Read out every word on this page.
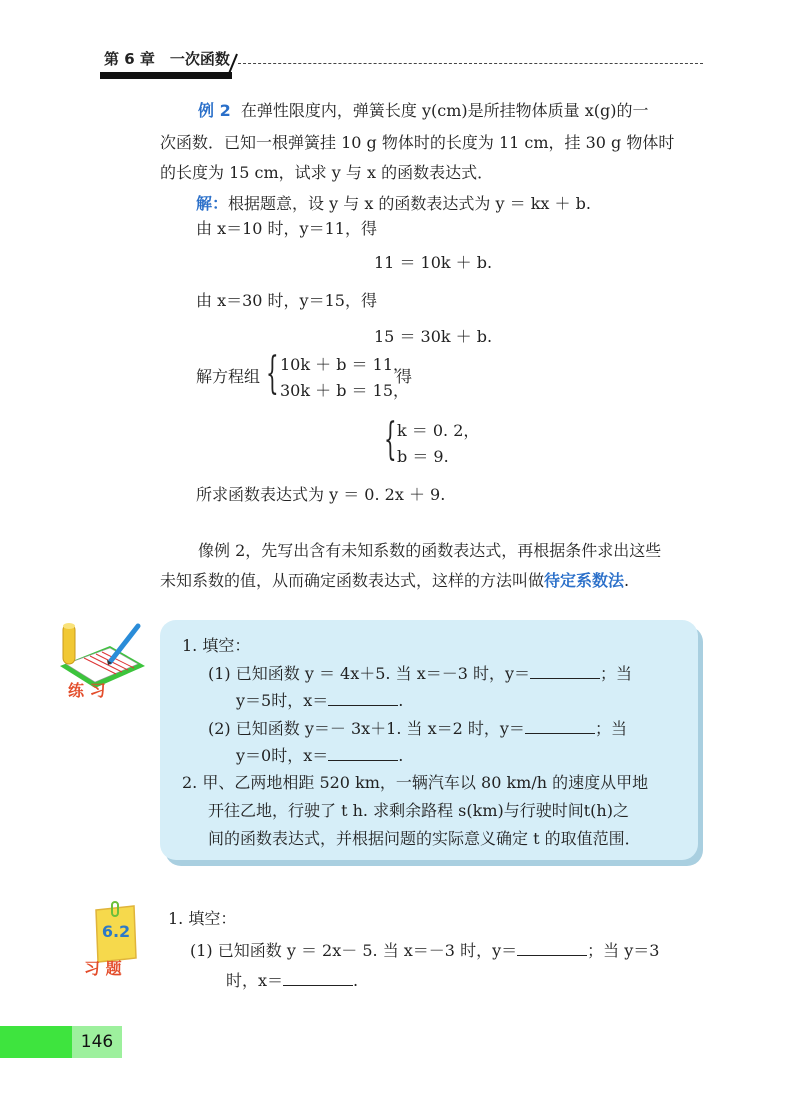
第 6 章　一次函数
例 2 在弹性限度内，弹簧长度 y(cm)是所挂物体质量 x(g)的一
次函数．已知一根弹簧挂 10 g 物体时的长度为 11 cm，挂 30 g 物体时
的长度为 15 cm，试求 y 与 x 的函数表达式．
解：根据题意，设 y 与 x 的函数表达式为 y ＝ kx ＋ b.
由 x＝10 时，y＝11，得
11 ＝ 10k ＋ b.
由 x＝30 时，y＝15，得
15 ＝ 30k ＋ b.
解方程组 { 10k ＋ b ＝ 11，
30k ＋ b ＝ 15，
得
{ k ＝ 0. 2，
b ＝ 9.
所求函数表达式为 y ＝ 0. 2x ＋ 9.
像例 2，先写出含有未知系数的函数表达式，再根据条件求出这些
未知系数的值，从而确定函数表达式，这样的方法叫做待定系数法.
练 习
1. 填空：
(1) 已知函数 y ＝ 4x＋5. 当 x＝－3 时，y＝	；当
y＝5时，x＝	.
(2) 已知函数 y＝－ 3x＋1. 当 x＝2 时，y＝	；当
y＝0时，x＝	.
2. 甲、乙两地相距 520 km，一辆汽车以 80 km/h 的速度从甲地
开往乙地，行驶了 t h. 求剩余路程 s(km)与行驶时间t(h)之
间的函数表达式，并根据问题的实际意义确定 t 的取值范围．
6.2
习 题
1. 填空：
(1) 已知函数 y ＝ 2x－ 5. 当 x＝－3 时，y＝	；当 y＝3
时，x＝	.
146
